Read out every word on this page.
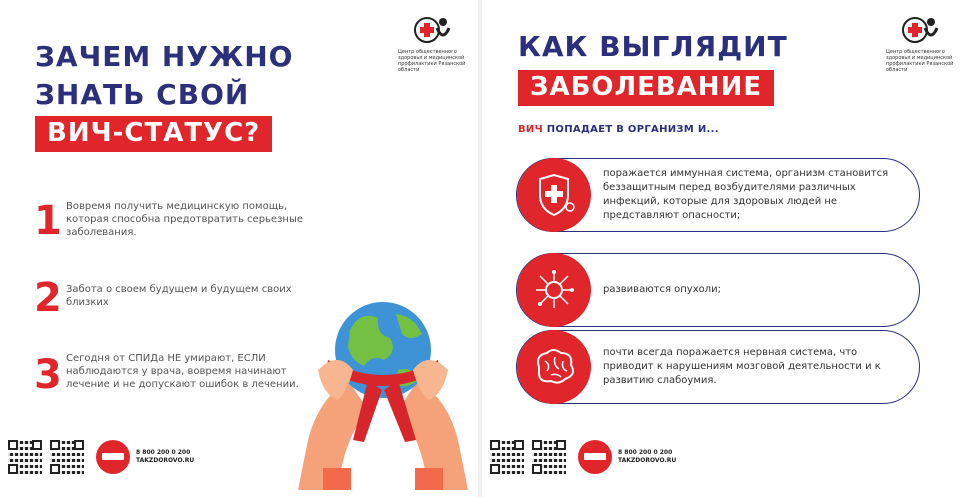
ЗАЧЕМ НУЖНО
ЗНАТЬ СВОЙ
ВИЧ-СТАТУС?
Центр общественного здоровья и медицинской профилактики Рязанской области
1 Вовремя получить медицинскую помощь, которая способна предотвратить серьезные заболевания.
2 Забота о своем будущем и будущем своих близких
3 Сегодня от СПИДа НЕ умирают, ЕСЛИ наблюдаются у врача, вовремя начинают лечение и не допускают ошибок в лечении.
8 800 200 0 200
TAKZDOROVO.RU
КАК ВЫГЛЯДИТ
ЗАБОЛЕВАНИЕ
Центр общественного здоровья и медицинской профилактики Рязанской области
ВИЧ ПОПАДАЕТ В ОРГАНИЗМ И...
поражается иммунная система, организм становится беззащитным перед возбудителями различных инфекций, которые для здоровых людей не представляют опасности;
развиваются опухоли;
почти всегда поражается нервная система, что приводит к нарушениям мозговой деятельности и к развитию слабоумия.
8 800 200 0 200
TAKZDOROVO.RU
